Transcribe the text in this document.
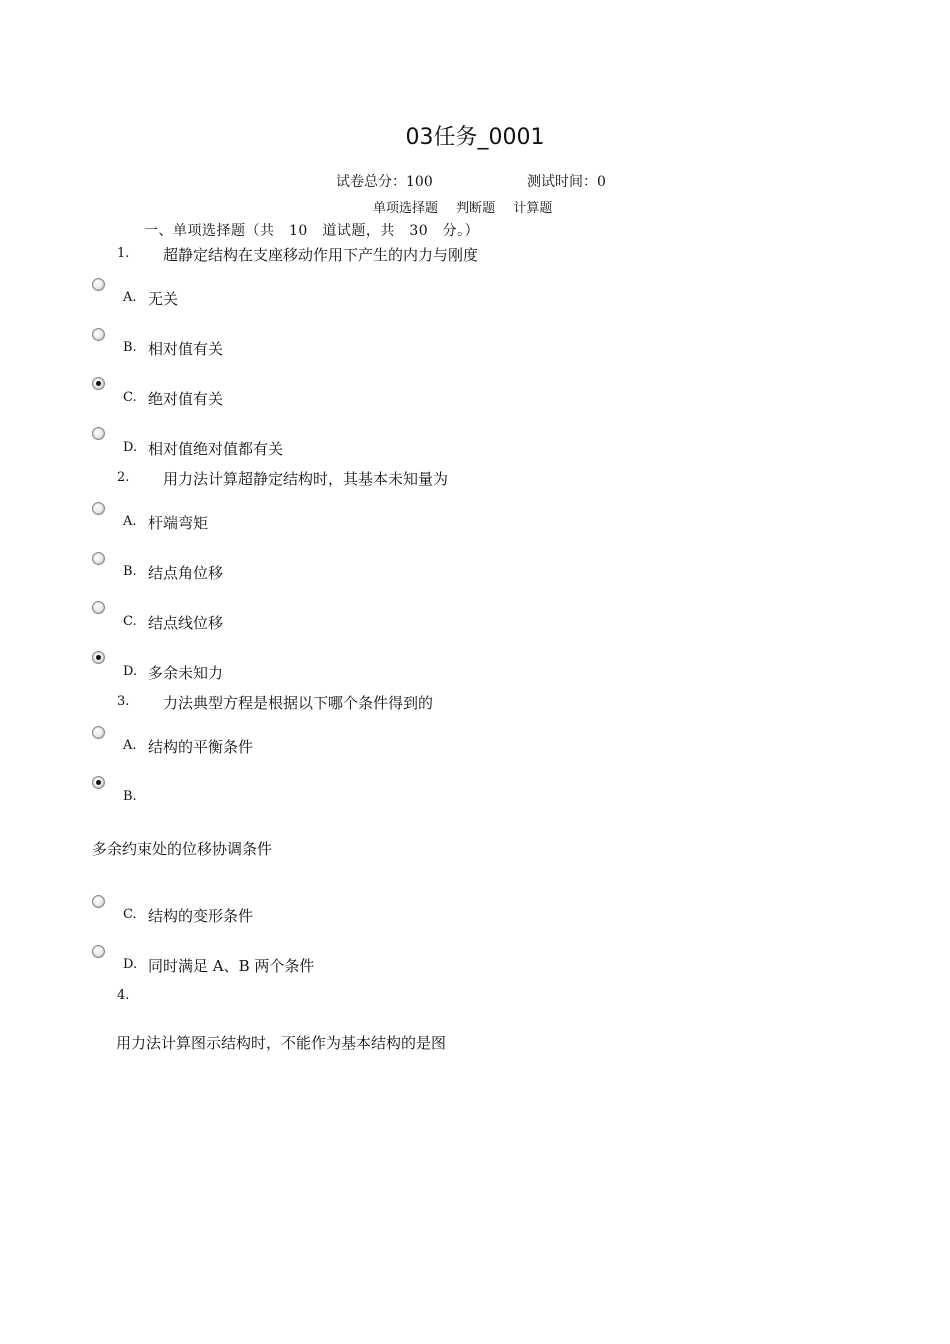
03任务_0001
试卷总分：100	测试时间：0
单项选择题 判断题 计算题
一、单项选择题（共　10　道试题，共　30　分。）
1. 超静定结构在支座移动作用下产生的内力与刚度
A. 无关
B. 相对值有关
C. 绝对值有关
D. 相对值绝对值都有关
2. 用力法计算超静定结构时，其基本未知量为
A. 杆端弯矩
B. 结点角位移
C. 结点线位移
D. 多余未知力
3. 力法典型方程是根据以下哪个条件得到的
A. 结构的平衡条件
B.
多余约束处的位移协调条件
C. 结构的变形条件
D. 同时满足 A、B 两个条件
4.
用力法计算图示结构时，不能作为基本结构的是图
